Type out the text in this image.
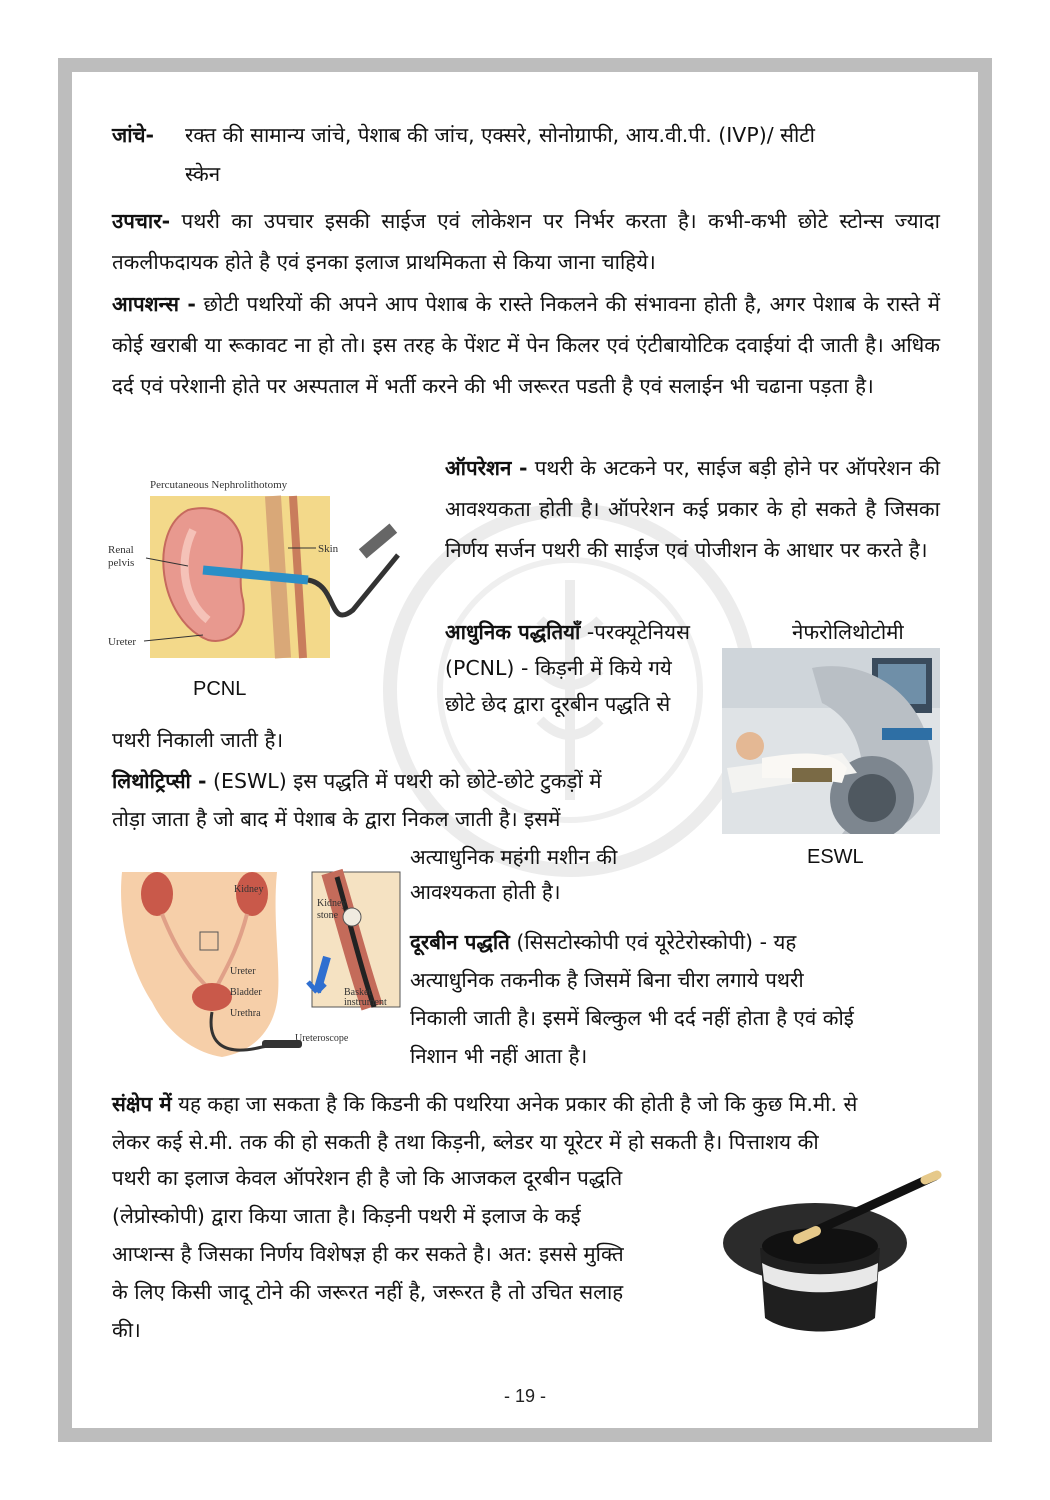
जांचे-	रक्त की सामान्य जांचे, पेशाब की जांच, एक्सरे, सोनोग्राफी, आय.वी.पी. (IVP)/ सीटी
स्केन
उपचार- पथरी का उपचार इसकी साईज एवं लोकेशन पर निर्भर करता है। कभी-कभी छोटे स्टोन्स ज्यादा तकलीफदायक होते है एवं इनका इलाज प्राथमिकता से किया जाना चाहिये।
आपशन्स - छोटी पथरियों की अपने आप पेशाब के रास्ते निकलने की संभावना होती है, अगर पेशाब के रास्ते में कोई खराबी या रूकावट ना हो तो। इस तरह के पेंशट में पेन किलर एवं एंटीबायोटिक दवाईयां दी जाती है। अधिक दर्द एवं परेशानी होते पर अस्पताल में भर्ती करने की भी जरूरत पडती है एवं सलाईन भी चढाना पड़ता है।
Percutaneous Nephrolithotomy
Renal
pelvis
Skin
Ureter
PCNL
ऑपरेशन - पथरी के अटकने पर, साईज बड़ी होने पर ऑपरेशन की आवश्यकता होती है। ऑपरेशन कई प्रकार के हो सकते है जिसका निर्णय सर्जन पथरी की साईज एवं पोजीशन के आधार पर करते है।
आधुनिक पद्धतियाँ -परक्यूटेनियस	नेफरोलिथोटोमी
(PCNL) - किड़नी में किये गये
छोटे छेद द्वारा दूरबीन पद्धति से
पथरी निकाली जाती है।
ESWL
लिथोट्रिप्सी - (ESWL) इस पद्धति में पथरी को छोटे-छोटे टुकड़ों में
तोड़ा जाता है जो बाद में पेशाब के द्वारा निकल जाती है। इसमें
अत्याधुनिक महंगी मशीन की
आवश्यकता होती है।
Kidney
Kidney
stone
Ureter
Bladder
Urethra
Basket
instrument
Ureteroscope
दूरबीन पद्धति (सिसटोस्कोपी एवं यूरेटेरोस्कोपी) - यह
अत्याधुनिक तकनीक है जिसमें बिना चीरा लगाये पथरी
निकाली जाती है। इसमें बिल्कुल भी दर्द नहीं होता है एवं कोई
निशान भी नहीं आता है।
संक्षेप में यह कहा जा सकता है कि किडनी की पथरिया अनेक प्रकार की होती है जो कि कुछ मि.मी. से
लेकर कई से.मी. तक की हो सकती है तथा किड़नी, ब्लेडर या यूरेटर में हो सकती है। पित्ताशय की
पथरी का इलाज केवल ऑपरेशन ही है जो कि आजकल दूरबीन पद्धति
(लेप्रोस्कोपी) द्वारा किया जाता है। किड़नी पथरी में इलाज के कई
आप्शन्स है जिसका निर्णय विशेषज्ञ ही कर सकते है। अत: इससे मुक्ति
के लिए किसी जादू टोने की जरूरत नहीं है, जरूरत है तो उचित सलाह
की।
- 19 -
